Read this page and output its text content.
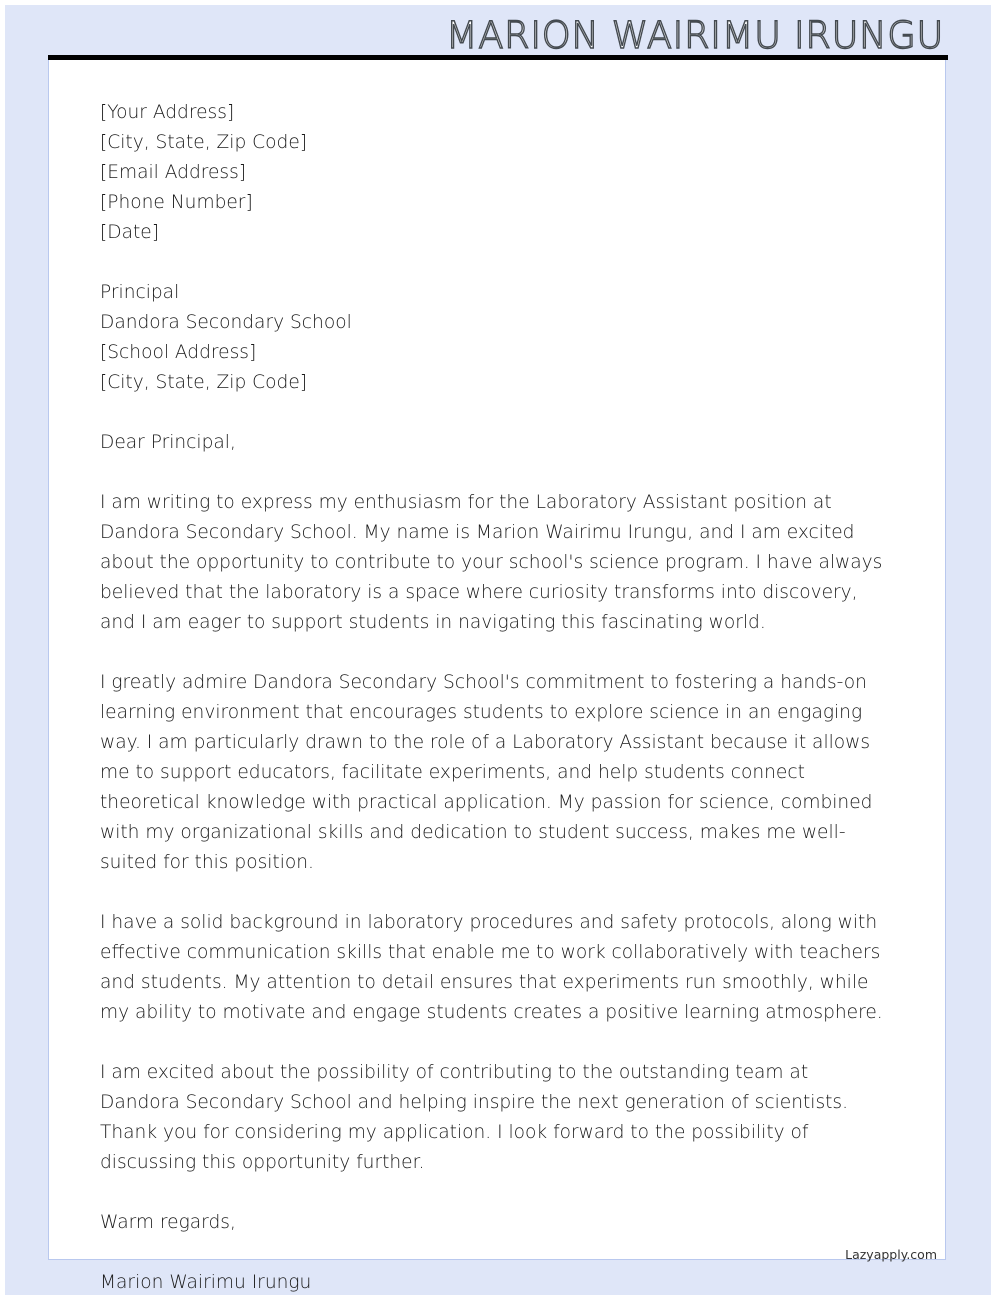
MARION WAIRIMU IRUNGU
[Your Address]
[City, State, Zip Code]
[Email Address]
[Phone Number]
[Date]
Principal
Dandora Secondary School
[School Address]
[City, State, Zip Code]

Dear Principal,

I am writing to express my enthusiasm for the Laboratory Assistant position at Dandora Secondary School. My name is Marion Wairimu Irungu, and I am excited about the opportunity to contribute to your school's science program. I have always believed that the laboratory is a space where curiosity transforms into discovery, and I am eager to support students in navigating this fascinating world.

I greatly admire Dandora Secondary School's commitment to fostering a hands-on learning environment that encourages students to explore science in an engaging way. I am particularly drawn to the role of a Laboratory Assistant because it allows me to support educators, facilitate experiments, and help students connect theoretical knowledge with practical application. My passion for science, combined with my organizational skills and dedication to student success, makes me well-suited for this position.

I have a solid background in laboratory procedures and safety protocols, along with effective communication skills that enable me to work collaboratively with teachers and students. My attention to detail ensures that experiments run smoothly, while my ability to motivate and engage students creates a positive learning atmosphere.

I am excited about the possibility of contributing to the outstanding team at Dandora Secondary School and helping inspire the next generation of scientists. Thank you for considering my application. I look forward to the possibility of discussing this opportunity further.

Warm regards,

Marion Wairimu Irungu
Lazyapply.com
